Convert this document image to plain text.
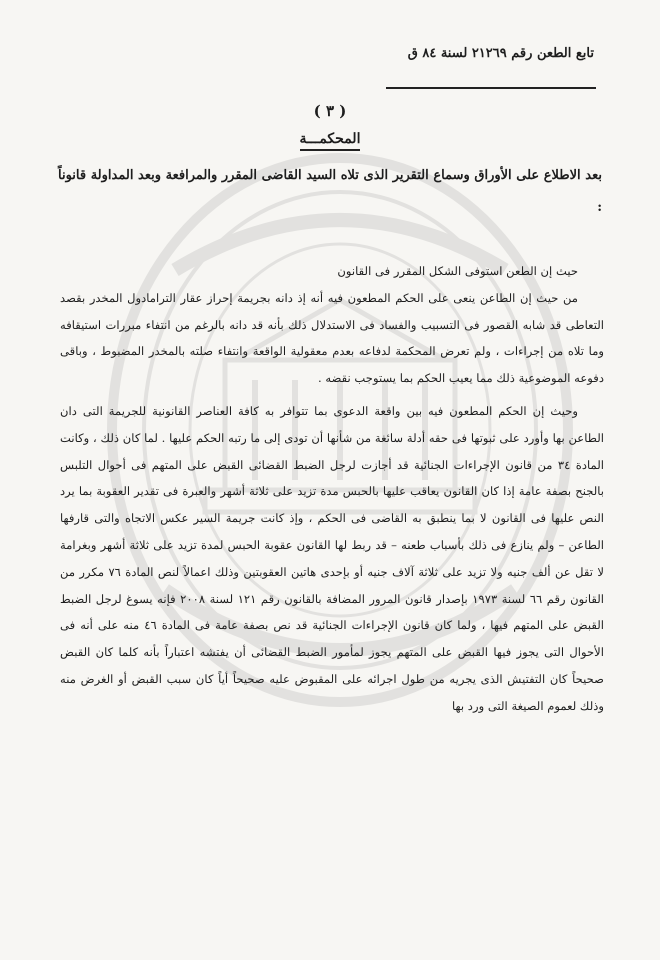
تابع الطعن رقم ٢١٢٦٩ لسنة ٨٤ ق
( ٣ )
المحكمـــة
بعد الاطلاع على الأوراق وسماع التقرير الذى تلاه السيد القاضى المقرر والمرافعة وبعد المداولة قانوناً :

حيث إن الطعن استوفى الشكل المقرر فى القانون

من حيث إن الطاعن ينعى على الحكم المطعون فيه أنه إذ دانه بجريمة إحراز عقار الترامادول المخدر بقصد التعاطى قد شابه القصور فى التسبيب والفساد فى الاستدلال ذلك بأنه قد دانه بالرغم من انتفاء مبررات استيقافه وما تلاه من إجراءات ، ولم تعرض المحكمة لدفاعه بعدم معقولية الواقعة وانتفاء صلته بالمخدر المضبوط ، وباقى دفوعه الموضوعية ذلك مما يعيب الحكم بما يستوجب نقضه .

وحيث إن الحكم المطعون فيه بين واقعة الدعوى بما تتوافر به كافة العناصر القانونية للجريمة التى دان الطاعن بها وأورد على ثبوتها فى حقه أدلة سائغة من شأنها أن تودى إلى ما رتبه الحكم عليها . لما كان ذلك ، وكانت المادة ٣٤ من قانون الإجراءات الجنائية قد أجازت لرجل الضبط القضائى القبض على المتهم فى أحوال التلبس بالجنح بصفة عامة إذا كان القانون يعاقب عليها بالحبس مدة تزيد على ثلاثة أشهر والعبرة فى تقدير العقوبة بما يرد النص عليها فى القانون لا بما ينطبق به القاضى فى الحكم ، وإذ كانت جريمة السير عكس الاتجاه والتى قارفها الطاعن – ولم ينازع فى ذلك بأسباب طعنه – قد ربط لها القانون عقوبة الحبس لمدة تزيد على ثلاثة أشهر وبغرامة لا تقل عن ألف جنيه ولا تزيد على ثلاثة آلاف جنيه أو بإحدى هاتين العقوبتين وذلك اعمالاً لنص المادة ٧٦ مكرر من القانون رقم ٦٦ لسنة ١٩٧٣ بإصدار قانون المرور المضافة بالقانون رقم ١٢١ لسنة ٢٠٠٨ فإنه يسوغ لرجل الضبط القبض على المتهم فيها ، ولما كان قانون الإجراءات الجنائية قد نص بصفة عامة فى المادة ٤٦ منه على أنه فى الأحوال التى يجوز فيها القبض على المتهم يجوز لمأمور الضبط القضائى أن يفتشه اعتباراً بأنه كلما كان القبض صحيحاً كان التفتيش الذى يجريه من طول اجرائه على المقبوض عليه صحيحاً أياً كان سبب القبض أو الغرض منه وذلك لعموم الصيغة التى ورد بها
